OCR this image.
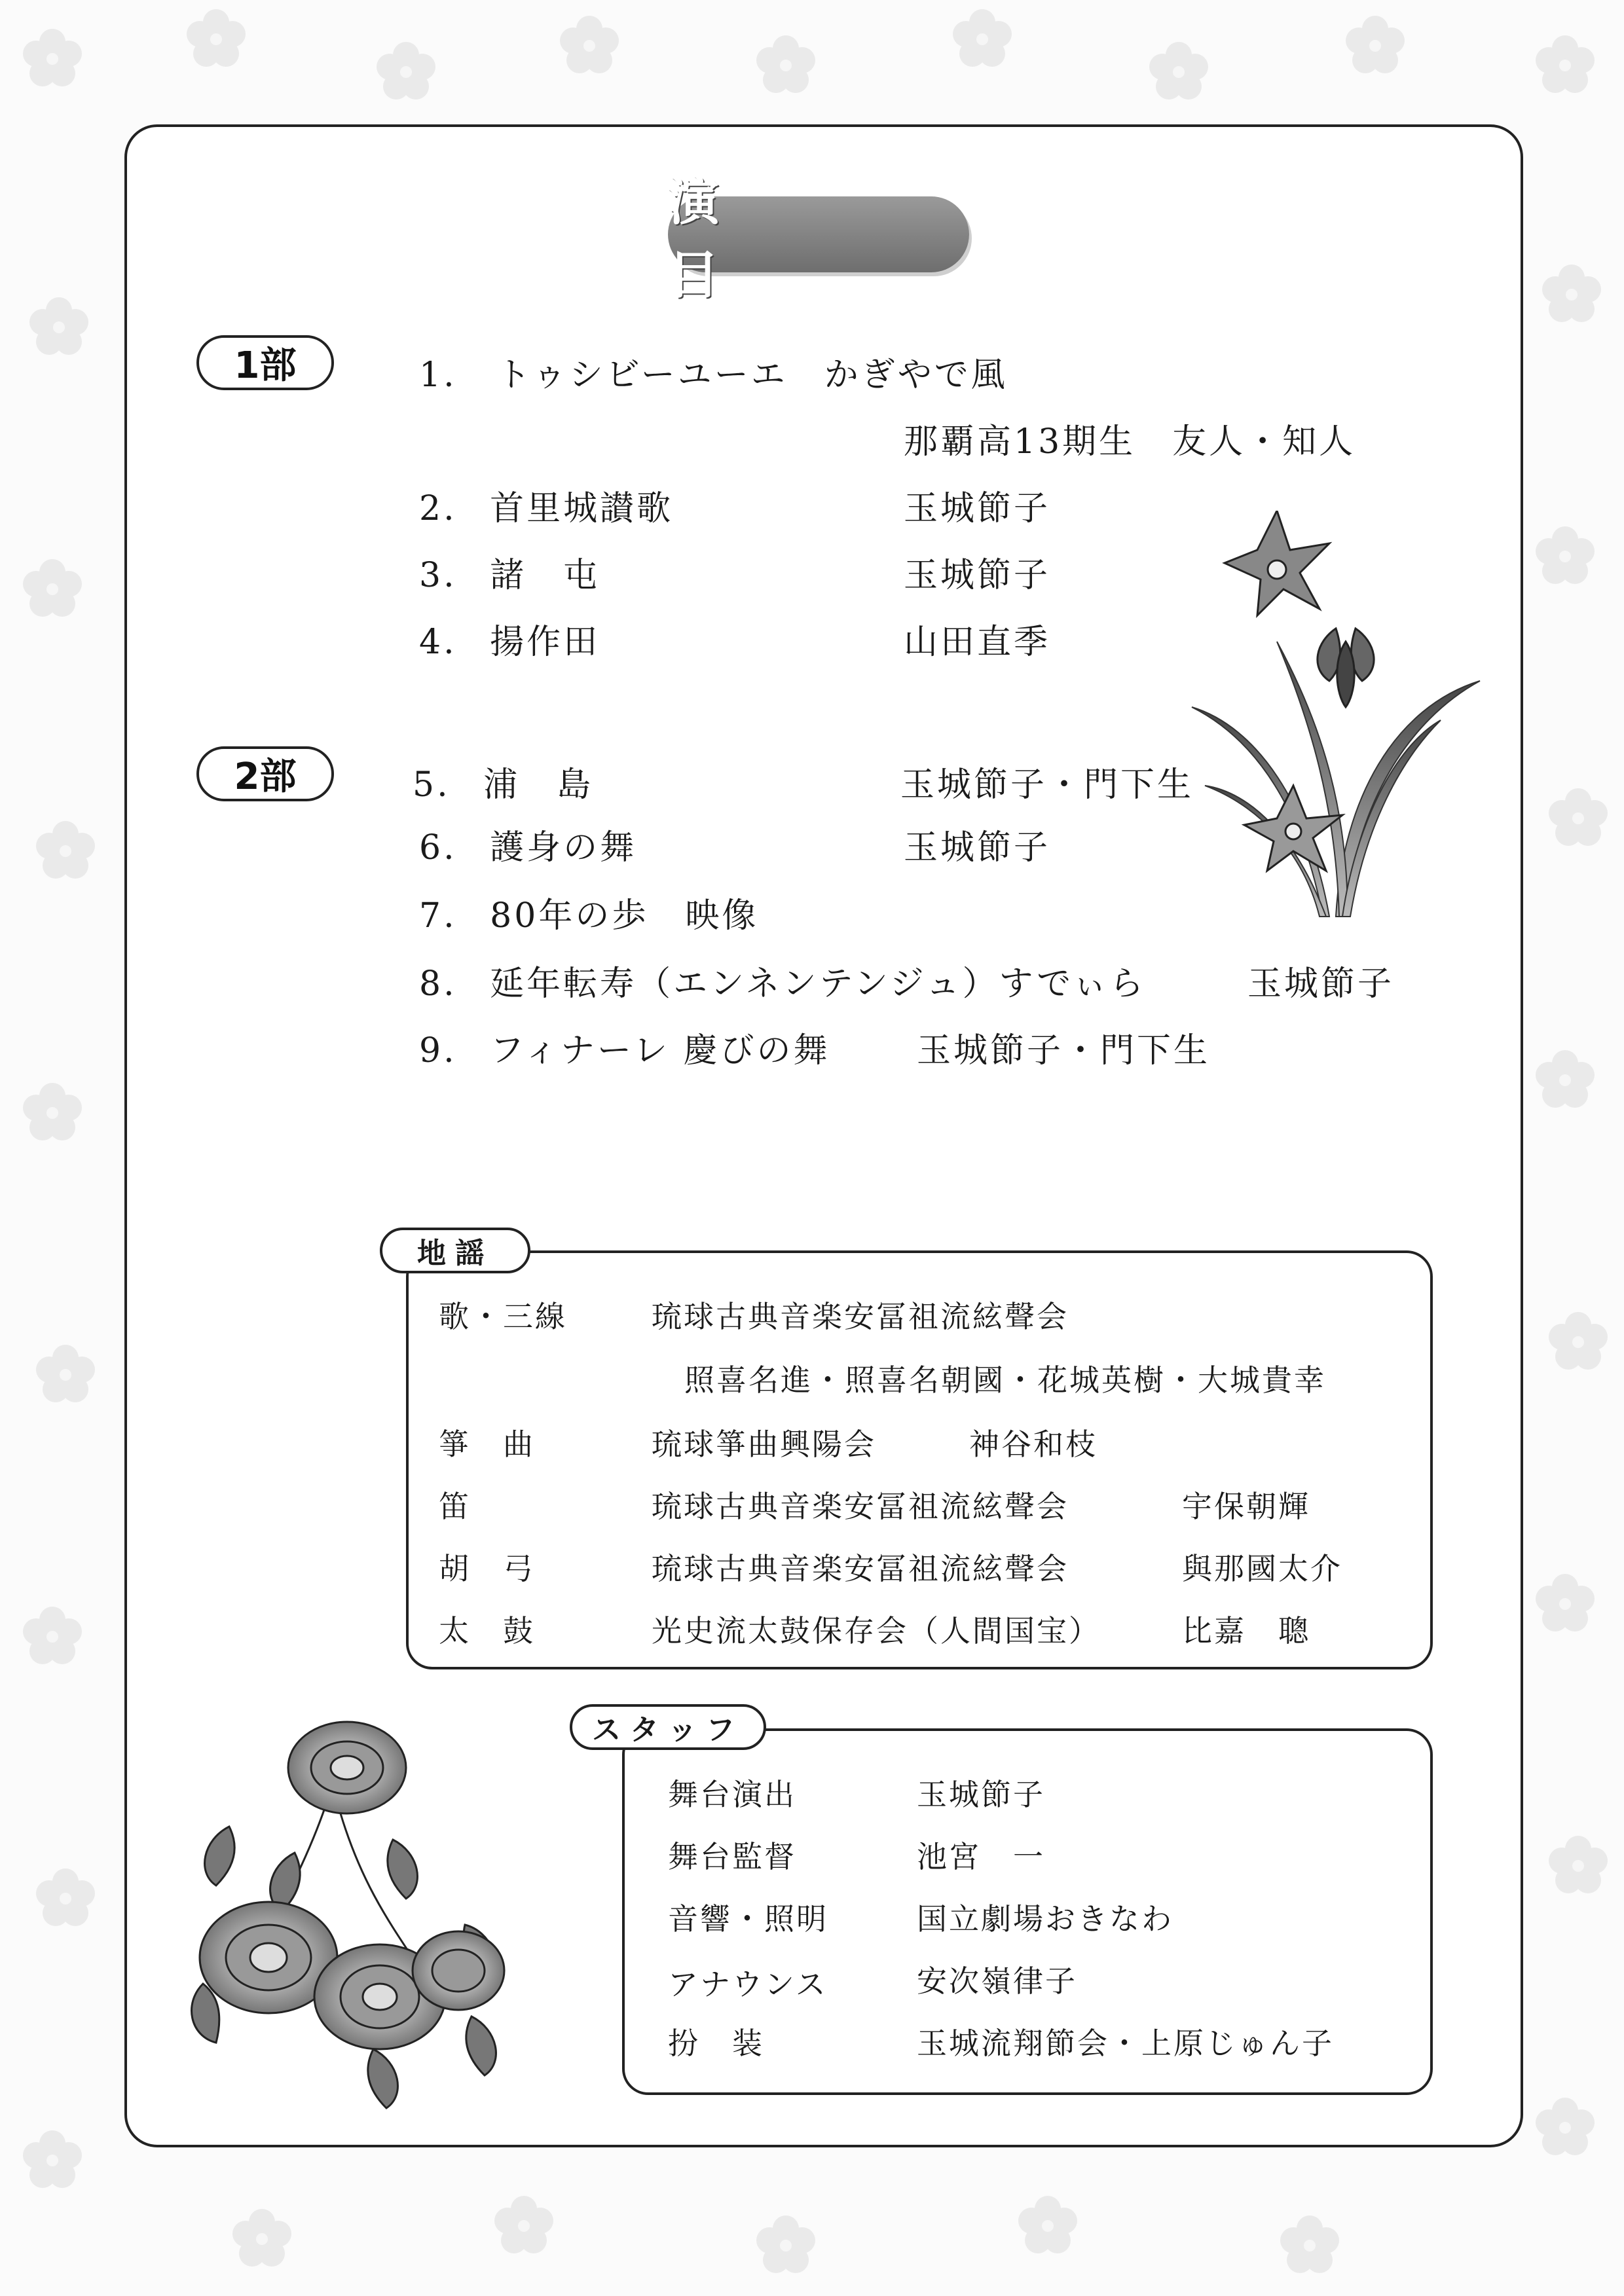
演 目
1部	1. トゥシビーユーエ　かぎやで風
那覇高13期生　友人・知人
2. 首里城讃歌	玉城節子
3. 諸　屯	玉城節子
4. 揚作田	山田直季
2部	5. 浦　島	玉城節子・門下生
6. 護身の舞	玉城節子
7. 80年の歩　映像
8. 延年転寿（エンネンテンジュ）すでぃら	玉城節子
9. フィナーレ 慶びの舞	玉城節子・門下生
地謡
歌・三線	琉球古典音楽安冨祖流絃聲会
照喜名進・照喜名朝國・花城英樹・大城貴幸
箏　曲	琉球箏曲興陽会	神谷和枝
笛	琉球古典音楽安冨祖流絃聲会	宇保朝輝
胡　弓	琉球古典音楽安冨祖流絃聲会	與那國太介
太　鼓	光史流太鼓保存会（人間国宝）	比嘉　聰
スタッフ
舞台演出	玉城節子
舞台監督	池宮　一
音響・照明	国立劇場おきなわ
アナウンス	安次嶺律子
扮　装	玉城流翔節会・上原じゅん子
